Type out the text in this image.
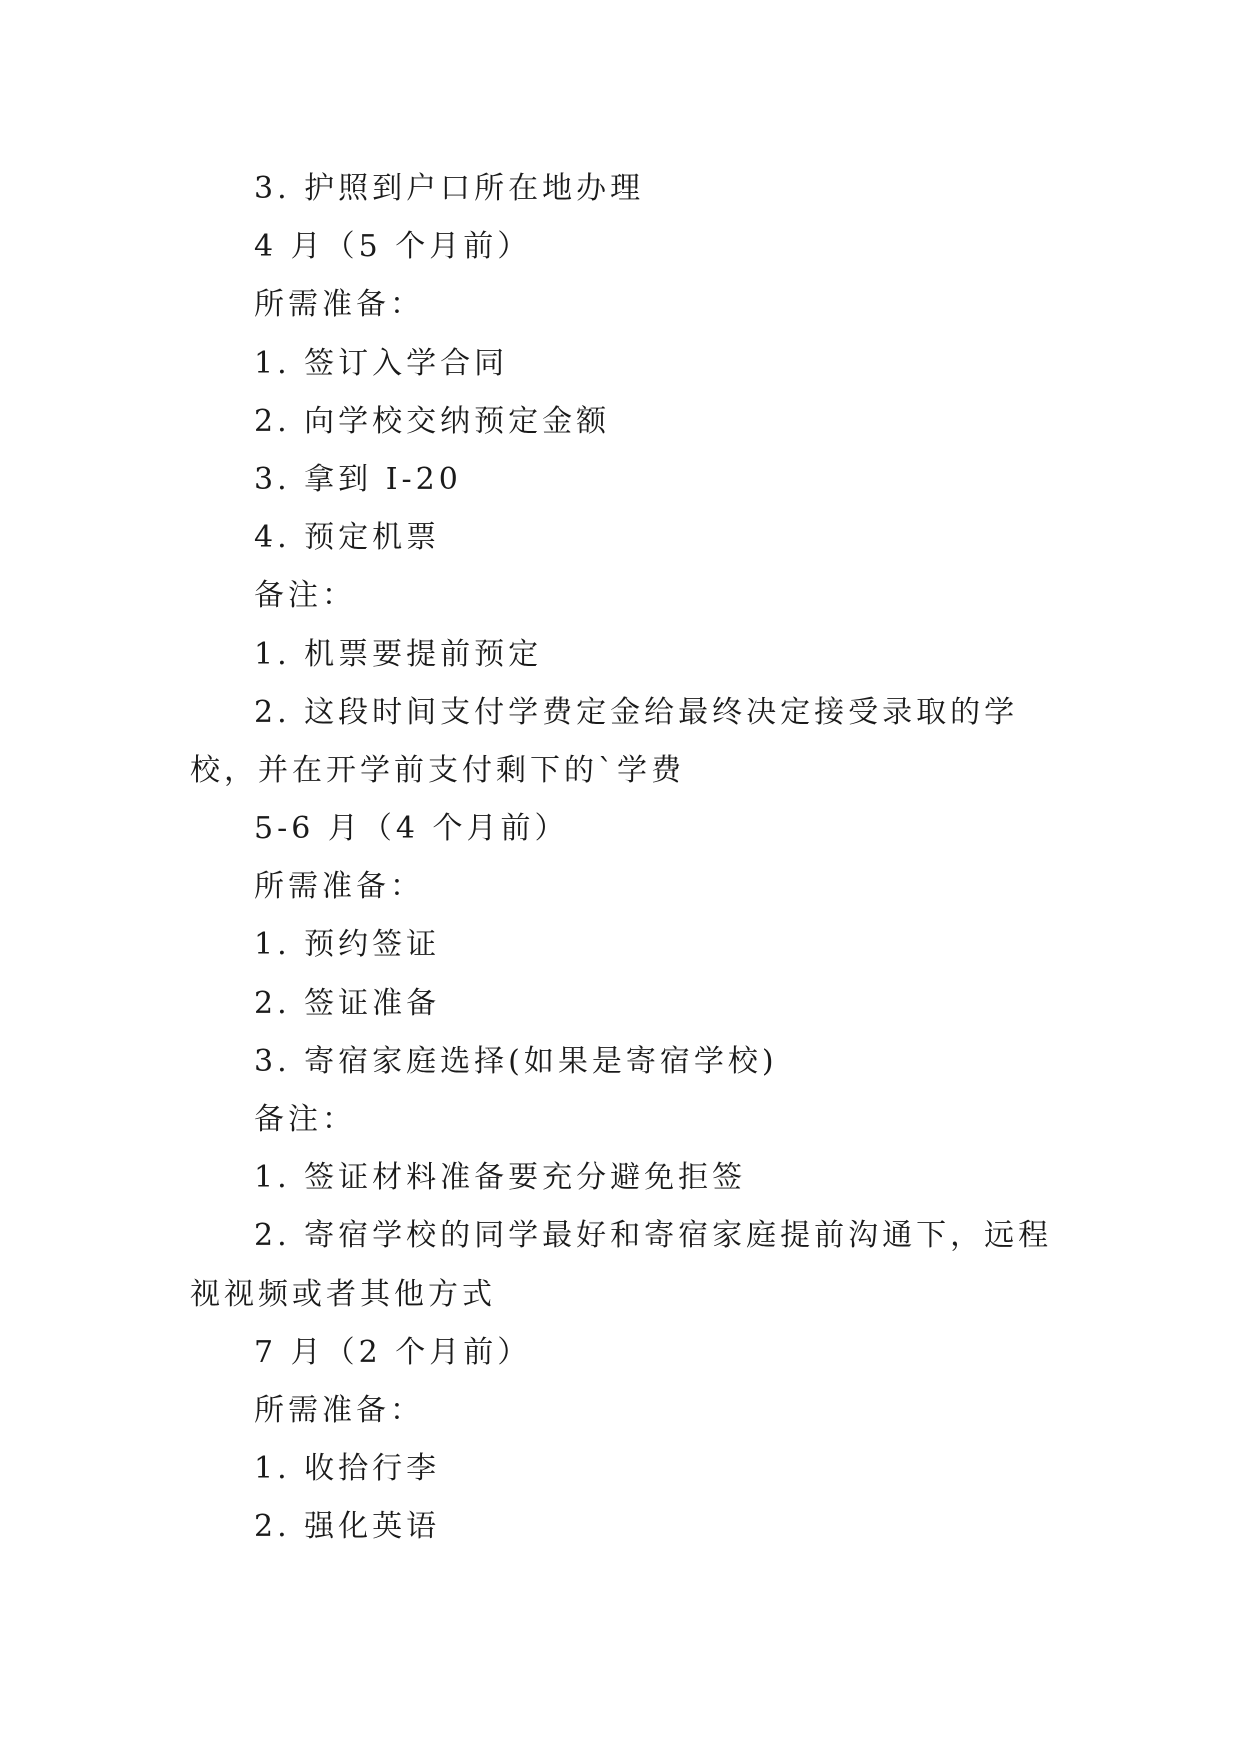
3. 护照到户口所在地办理
4 月（5 个月前）
所需准备：
1. 签订入学合同
2. 向学校交纳预定金额
3. 拿到 I-20
4. 预定机票
备注：
1. 机票要提前预定
2. 这段时间支付学费定金给最终决定接受录取的学校，并在开学前支付剩下的`学费
5-6 月（4 个月前）
所需准备：
1. 预约签证
2. 签证准备
3. 寄宿家庭选择(如果是寄宿学校)
备注：
1. 签证材料准备要充分避免拒签
2. 寄宿学校的同学最好和寄宿家庭提前沟通下，远程视视频或者其他方式
7 月（2 个月前）
所需准备：
1. 收拾行李
2. 强化英语
